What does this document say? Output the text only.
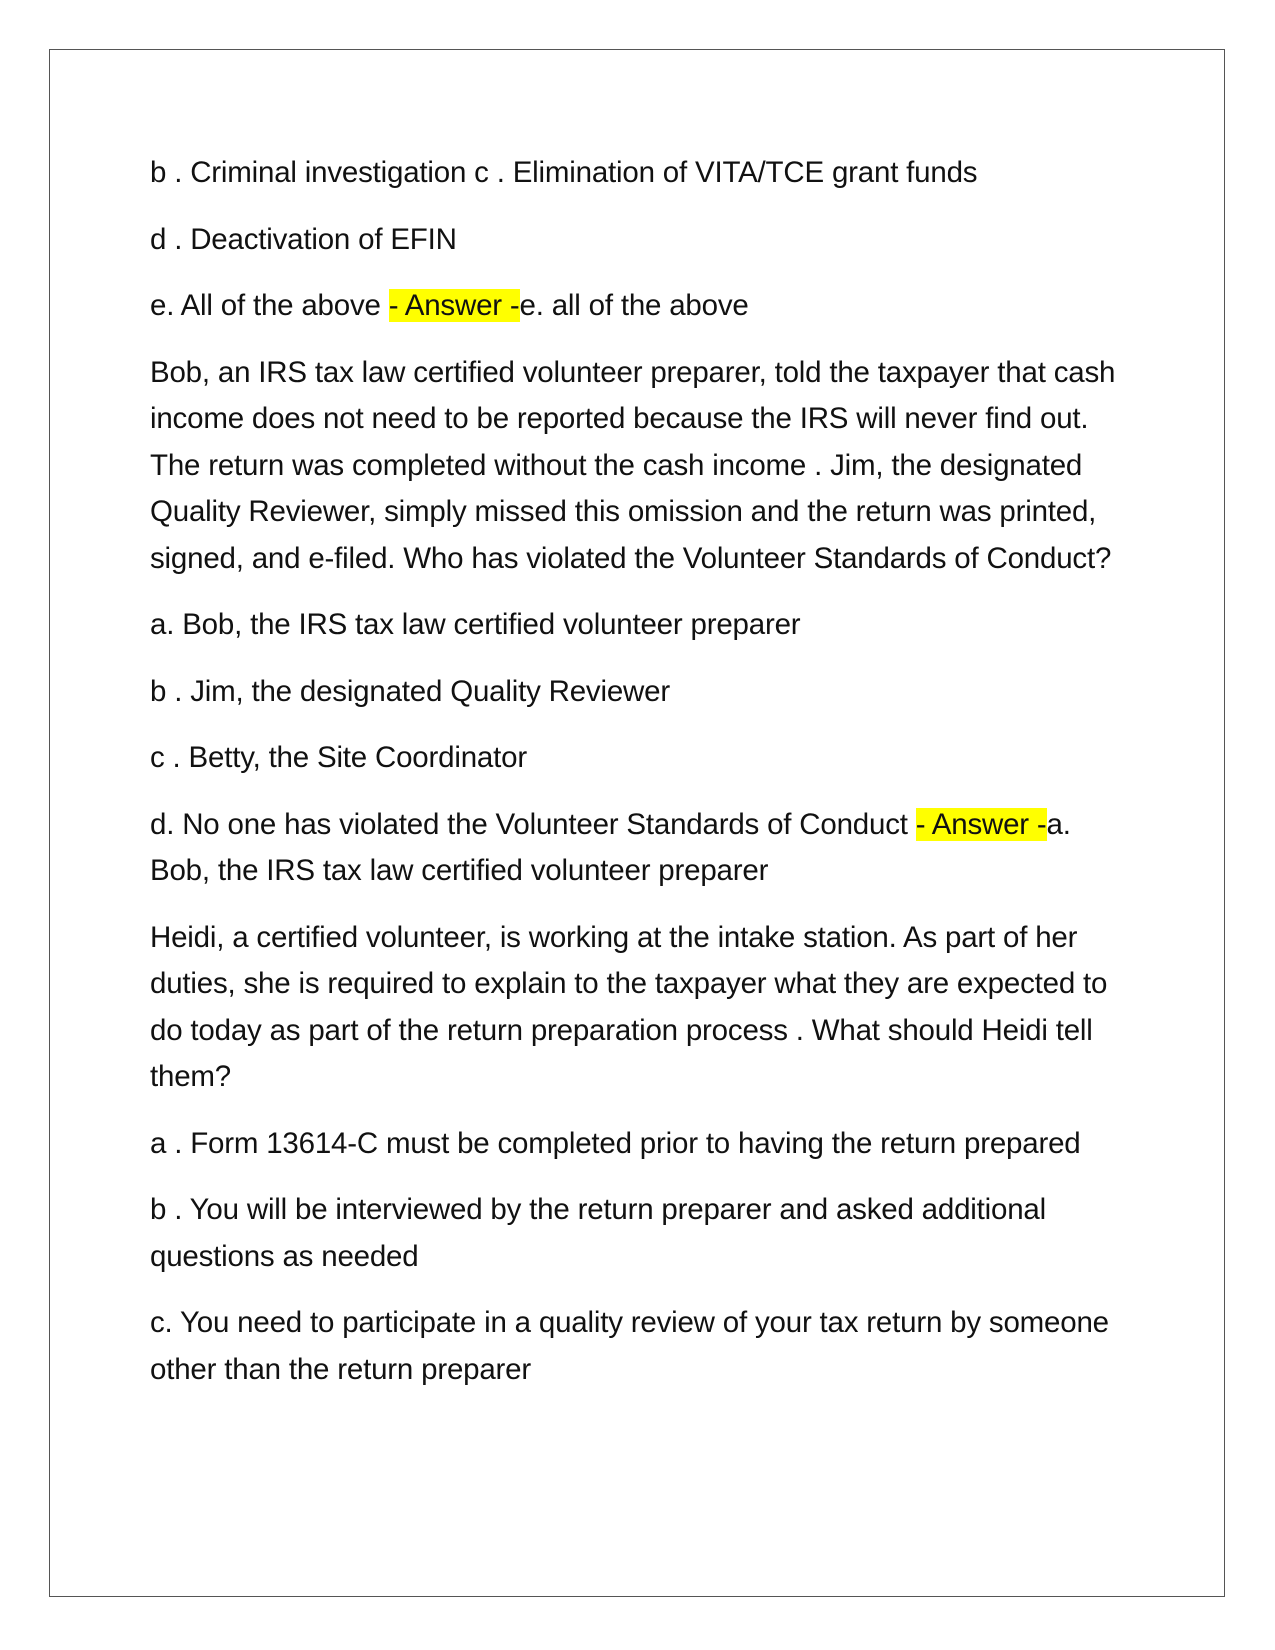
b . Criminal investigation c . Elimination of VITA/TCE grant funds

d . Deactivation of EFIN

e. All of the above - Answer -e. all of the above

Bob, an IRS tax law certified volunteer preparer, told the taxpayer that cash income does not need to be reported because the IRS will never find out. The return was completed without the cash income . Jim, the designated Quality Reviewer, simply missed this omission and the return was printed, signed, and e-filed. Who has violated the Volunteer Standards of Conduct?

a. Bob, the IRS tax law certified volunteer preparer

b . Jim, the designated Quality Reviewer

c . Betty, the Site Coordinator

d. No one has violated the Volunteer Standards of Conduct - Answer -a. Bob, the IRS tax law certified volunteer preparer

Heidi, a certified volunteer, is working at the intake station. As part of her duties, she is required to explain to the taxpayer what they are expected to do today as part of the return preparation process . What should Heidi tell them?

a . Form 13614-C must be completed prior to having the return prepared

b . You will be interviewed by the return preparer and asked additional questions as needed

c. You need to participate in a quality review of your tax return by someone other than the return preparer
